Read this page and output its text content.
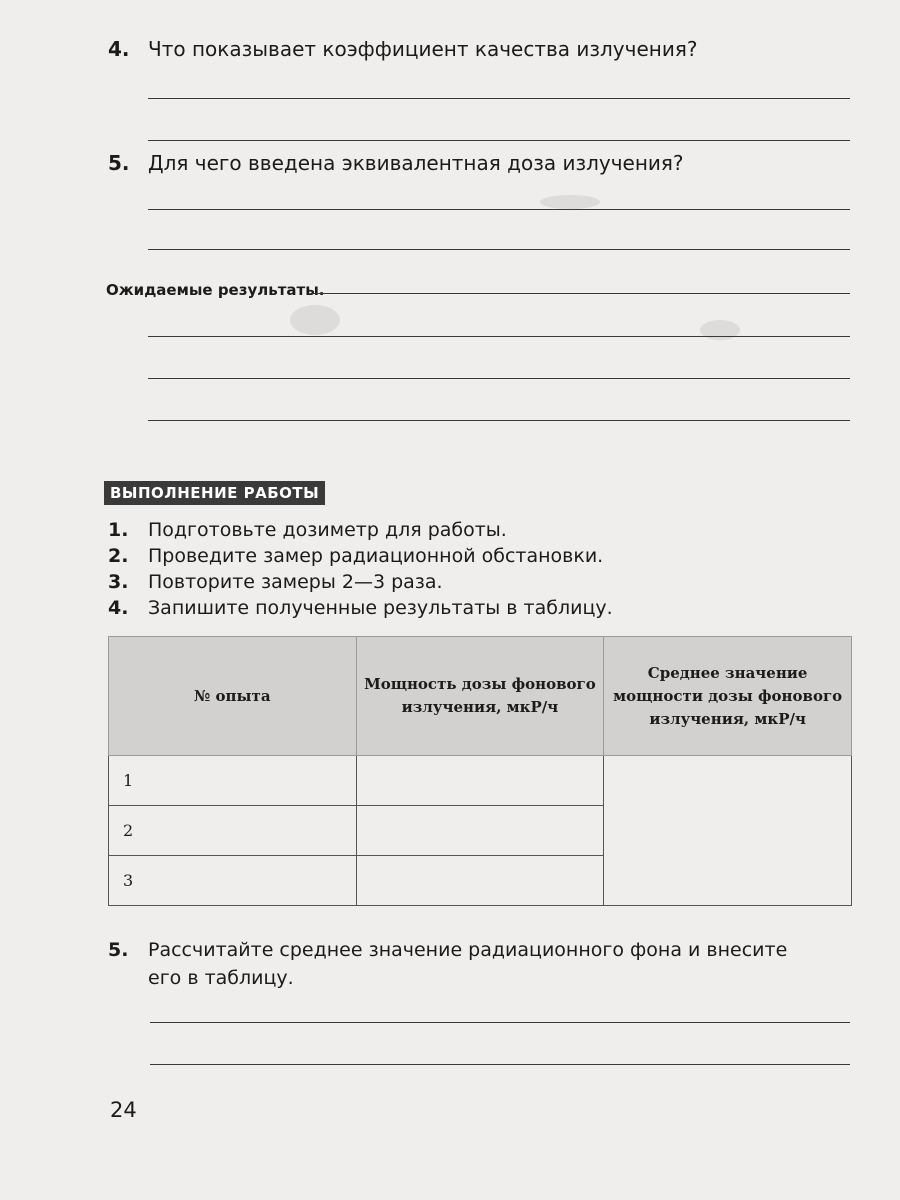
4. Что показывает коэффициент качества излучения?
5. Для чего введена эквивалентная доза излучения?
Ожидаемые результаты.
ВЫПОЛНЕНИЕ РАБОТЫ
1. Подготовьте дозиметр для работы.
2. Проведите замер радиационной обстановки.
3. Повторите замеры 2—3 раза.
4. Запишите полученные результаты в таблицу.
№ опыта	Мощность дозы фонового излучения, мкР/ч	Среднее значение мощности дозы фонового излучения, мкР/ч
1		
2		
3		
5. Рассчитайте среднее значение радиационного фона и внесите
его в таблицу.
24
